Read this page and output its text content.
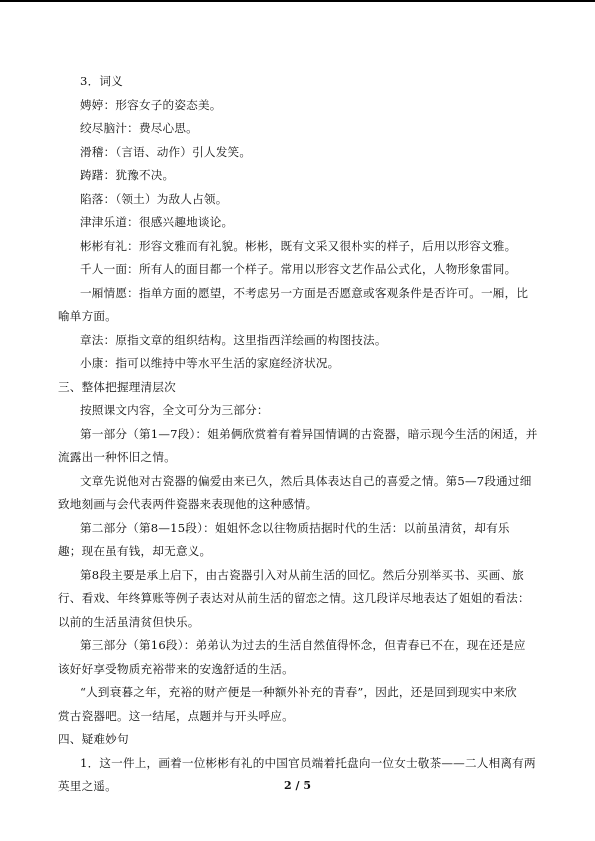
3．词义
娉婷：形容女子的姿态美。
绞尽脑汁：费尽心思。
滑稽：（言语、动作）引人发笑。
踌躇：犹豫不决。
陷落：（领土）为敌人占领。
津津乐道：很感兴趣地谈论。
彬彬有礼：形容文雅而有礼貌。彬彬，既有文采又很朴实的样子，后用以形容文雅。
千人一面：所有人的面目都一个样子。常用以形容文艺作品公式化，人物形象雷同。
一厢情愿：指单方面的愿望，不考虑另一方面是否愿意或客观条件是否许可。一厢，比
喻单方面。
章法：原指文章的组织结构。这里指西洋绘画的构图技法。
小康：指可以维持中等水平生活的家庭经济状况。
三、整体把握理清层次
按照课文内容，全文可分为三部分：
第一部分（第1—7段）：姐弟俩欣赏着有着异国情调的古瓷器，暗示现今生活的闲适，并
流露出一种怀旧之情。
文章先说他对古瓷器的偏爱由来已久，然后具体表达自己的喜爱之情。第5—7段通过细
致地刻画与会代表两件瓷器来表现他的这种感情。
第二部分（第8—15段）：姐姐怀念以往物质拮据时代的生活：以前虽清贫，却有乐
趣；现在虽有钱，却无意义。
第8段主要是承上启下，由古瓷器引入对从前生活的回忆。然后分别举买书、买画、旅
行、看戏、年终算账等例子表达对从前生活的留恋之情。这几段详尽地表达了姐姐的看法：
以前的生活虽清贫但快乐。
第三部分（第16段）：弟弟认为过去的生活自然值得怀念，但青春已不在，现在还是应
该好好享受物质充裕带来的安逸舒适的生活。
“人到衰暮之年，充裕的财产便是一种额外补充的青春”，因此，还是回到现实中来欣
赏古瓷器吧。这一结尾，点题并与开头呼应。
四、疑难妙句
1．这一件上，画着一位彬彬有礼的中国官员端着托盘向一位女士敬茶——二人相离有两
英里之遥。	2 / 5
